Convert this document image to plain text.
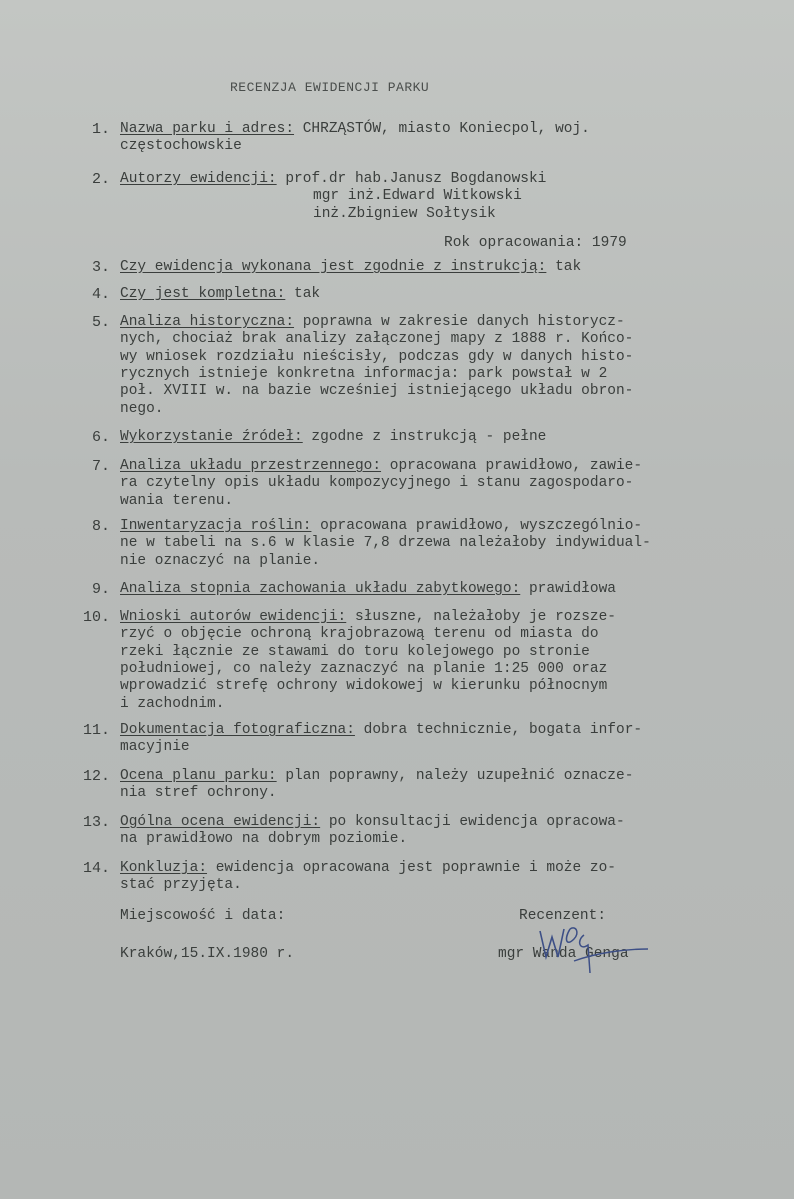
RECENZJA EWIDENCJI PARKU
1. Nazwa parku i adres: CHRZĄSTÓW, miasto Koniecpol, woj.
częstochowskie
2. Autorzy ewidencji: prof.dr hab.Janusz Bogdanowski
mgr inż.Edward Witkowski
inż.Zbigniew Sołtysik
Rok opracowania: 1979
3. Czy ewidencja wykonana jest zgodnie z instrukcją: tak
4. Czy jest kompletna: tak
5. Analiza historyczna: poprawna w zakresie danych historycz-
nych, chociaż brak analizy załączonej mapy z 1888 r. Końco-
wy wniosek rozdziału nieścisły, podczas gdy w danych histo-
rycznych istnieje konkretna informacja: park powstał w 2
poł. XVIII w. na bazie wcześniej istniejącego układu obron-
nego.
6. Wykorzystanie źródeł: zgodne z instrukcją - pełne
7. Analiza układu przestrzennego: opracowana prawidłowo, zawie-
ra czytelny opis układu kompozycyjnego i stanu zagospodaro-
wania terenu.
8. Inwentaryzacja roślin: opracowana prawidłowo, wyszczególnio-
ne w tabeli na s.6 w klasie 7,8 drzewa należałoby indywidual-
nie oznaczyć na planie.
9. Analiza stopnia zachowania układu zabytkowego: prawidłowa
10. Wnioski autorów ewidencji: słuszne, należałoby je rozsze-
rzyć o objęcie ochroną krajobrazową terenu od miasta do
rzeki łącznie ze stawami do toru kolejowego po stronie
południowej, co należy zaznaczyć na planie 1:25 000 oraz
wprowadzić strefę ochrony widokowej w kierunku północnym
i zachodnim.
11. Dokumentacja fotograficzna: dobra technicznie, bogata infor-
macyjnie
12. Ocena planu parku: plan poprawny, należy uzupełnić oznacze-
nia stref ochrony.
13. Ogólna ocena ewidencji: po konsultacji ewidencja opracowa-
na prawidłowo na dobrym poziomie.
14. Konkluzja: ewidencja opracowana jest poprawnie i może zo-
stać przyjęta.
Miejscowość i data:	Recenzent:
Kraków,15.IX.1980 r.	mgr Wanda Genga
